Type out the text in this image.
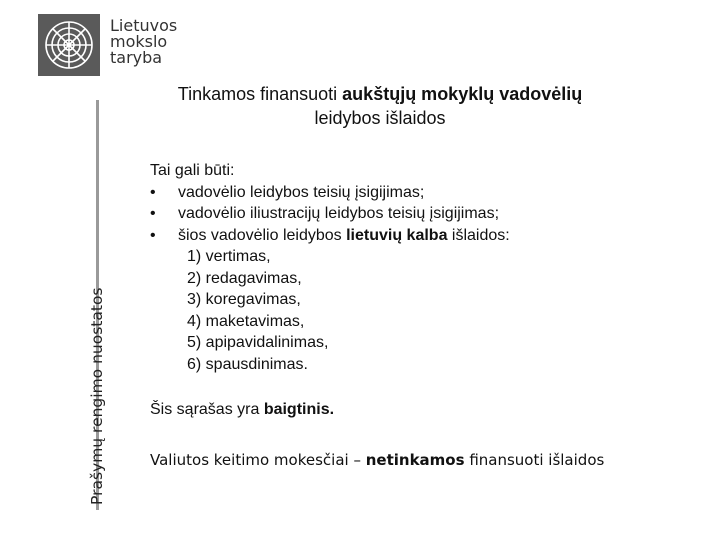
Lietuvos
mokslo
taryba
Prašymų rengimo nuostatos
Tinkamos finansuoti aukštųjų mokyklų vadovėlių
leidybos išlaidos
Tai gali būti:
• vadovėlio leidybos teisių įsigijimas;
• vadovėlio iliustracijų leidybos teisių įsigijimas;
• šios vadovėlio leidybos lietuvių kalba išlaidos:
1) vertimas,
2) redagavimas,
3) koregavimas,
4) maketavimas,
5) apipavidalinimas,
6) spausdinimas.
Šis sąrašas yra baigtinis.
Valiutos keitimo mokesčiai – netinkamos finansuoti išlaidos
